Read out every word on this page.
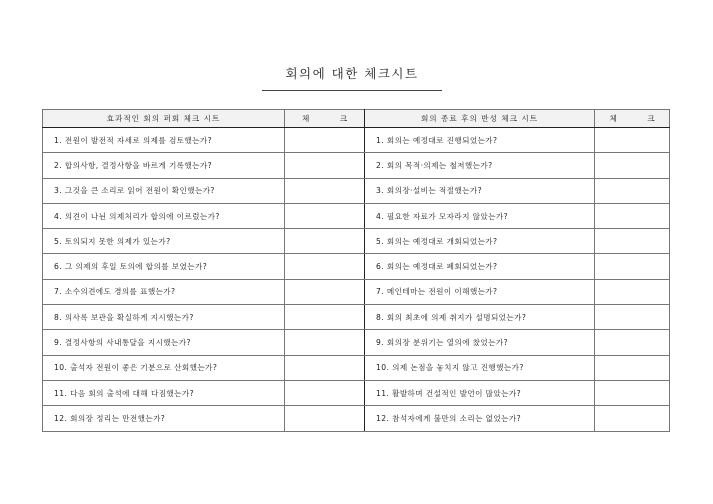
회의에 대한 체크시트
효과적인 회의 퍼회 체크 시트	체 크	회의 종료 후의 반성 체크 시트	체 크
1. 전원이 발전적 자세로 의제를 검토했는가?		1. 회의는 예정대로 진행되었는가?	
2. 합의사항, 결정사항을 바르게 기록했는가?		2. 회의 목적·의제는 철저했는가?	
3. 그것을 큰 소리로 읽어 전원이 확인했는가?		3. 회의장·설비는 적절했는가?	
4. 의견이 나뉜 의제처리가 합의에 이르렀는가?		4. 필요한 자료가 모자라지 않았는가?	
5. 토의되지 못한 의제가 있는가?		5. 회의는 예정대로 개회되었는가?	
6. 그 의제의 후일 토의에 합의를 보였는가?		6. 회의는 예정대로 폐회되었는가?	
7. 소수의견에도 경의를 표했는가?		7. 메인테마는 전원이 이해했는가?	
8. 의사록 보관을 확실하게 지시했는가?		8. 회의 최초에 의제 취지가 설명되었는가?	
9. 결정사항의 사내통달을 지시했는가?		9. 회의장 분위기는 열의에 찼었는가?	
10. 출석자 전원이 좋은 기분으로 산회했는가?		10. 의제 논점을 놓치지 않고 진행했는가?	
11. 다음 회의 출석에 대해 다짐했는가?		11. 활발하며 건설적인 발언이 많았는가?	
12. 회의장 정리는 만전했는가?		12. 참석자에게 불만의 소리는 없었는가?	
